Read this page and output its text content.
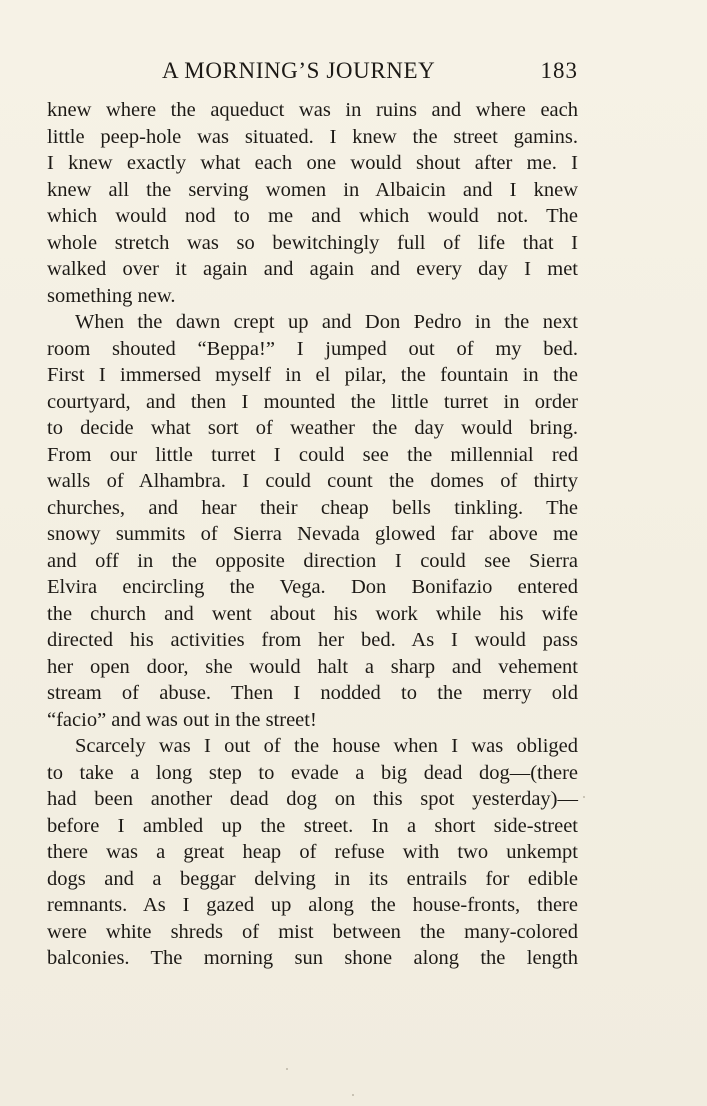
A MORNING’S JOURNEY	183

knew where the aqueduct was in ruins and where each
little peep-hole was situated. I knew the street gamins.
I knew exactly what each one would shout after me. I
knew all the serving women in Albaicin and I knew
which would nod to me and which would not. The
whole stretch was so bewitchingly full of life that I
walked over it again and again and every day I met
something new.

When the dawn crept up and Don Pedro in the next
room shouted “Beppa!” I jumped out of my bed.
First I immersed myself in el pilar, the fountain in the
courtyard, and then I mounted the little turret in order
to decide what sort of weather the day would bring.
From our little turret I could see the millennial red
walls of Alhambra. I could count the domes of thirty
churches, and hear their cheap bells tinkling. The
snowy summits of Sierra Nevada glowed far above me
and off in the opposite direction I could see Sierra
Elvira encircling the Vega. Don Bonifazio entered
the church and went about his work while his wife
directed his activities from her bed. As I would pass
her open door, she would halt a sharp and vehement
stream of abuse. Then I nodded to the merry old
“facio” and was out in the street!

Scarcely was I out of the house when I was obliged
to take a long step to evade a big dead dog—(there
had been another dead dog on this spot yesterday)—
before I ambled up the street. In a short side-street
there was a great heap of refuse with two unkempt
dogs and a beggar delving in its entrails for edible
remnants. As I gazed up along the house-fronts, there
were white shreds of mist between the many-colored
balconies. The morning sun shone along the length
